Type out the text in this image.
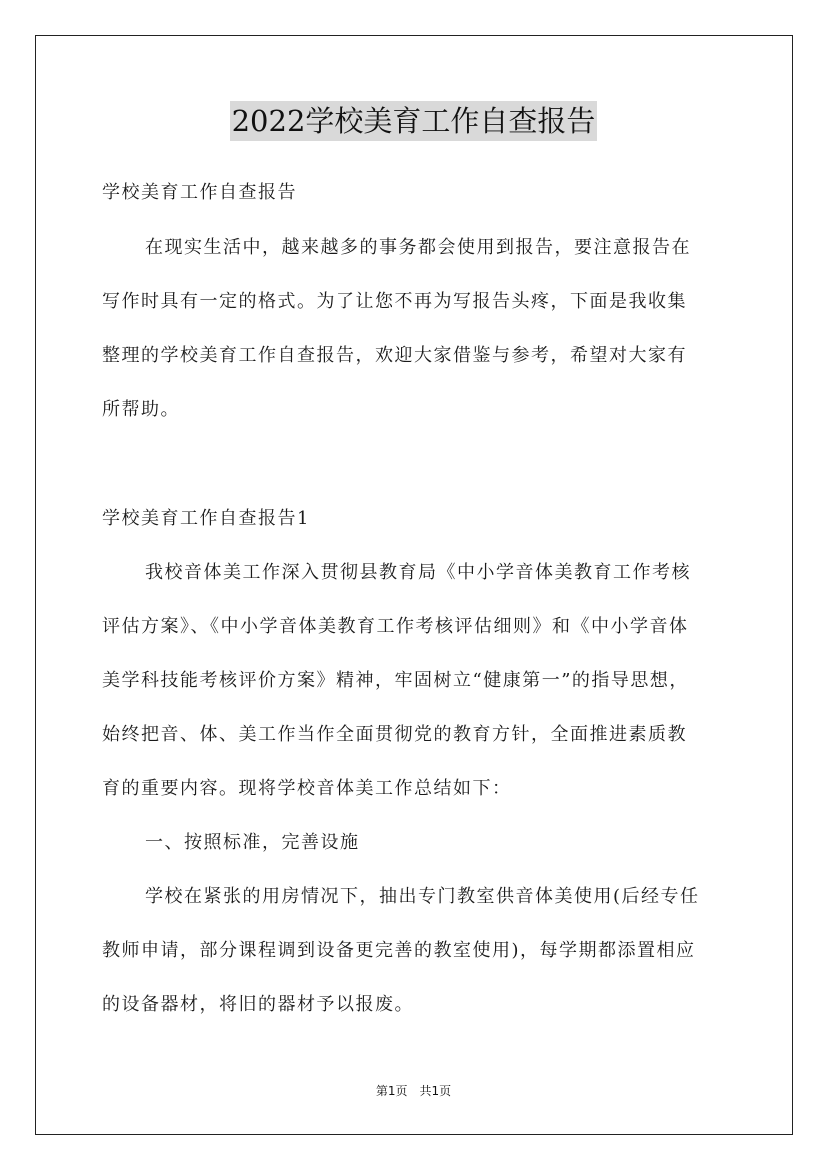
2022学校美育工作自查报告
学校美育工作自查报告
在现实生活中，越来越多的事务都会使用到报告，要注意报告在
写作时具有一定的格式。为了让您不再为写报告头疼，下面是我收集
整理的学校美育工作自查报告，欢迎大家借鉴与参考，希望对大家有
所帮助。
学校美育工作自查报告1
我校音体美工作深入贯彻县教育局《中小学音体美教育工作考核
评估方案》、《中小学音体美教育工作考核评估细则》和《中小学音体
美学科技能考核评价方案》精神，牢固树立“健康第一”的指导思想，
始终把音、体、美工作当作全面贯彻党的教育方针，全面推进素质教
育的重要内容。现将学校音体美工作总结如下：
一、按照标准，完善设施
学校在紧张的用房情况下，抽出专门教室供音体美使用(后经专任
教师申请，部分课程调到设备更完善的教室使用)，每学期都添置相应
的设备器材，将旧的器材予以报废。
第1页　共1页
